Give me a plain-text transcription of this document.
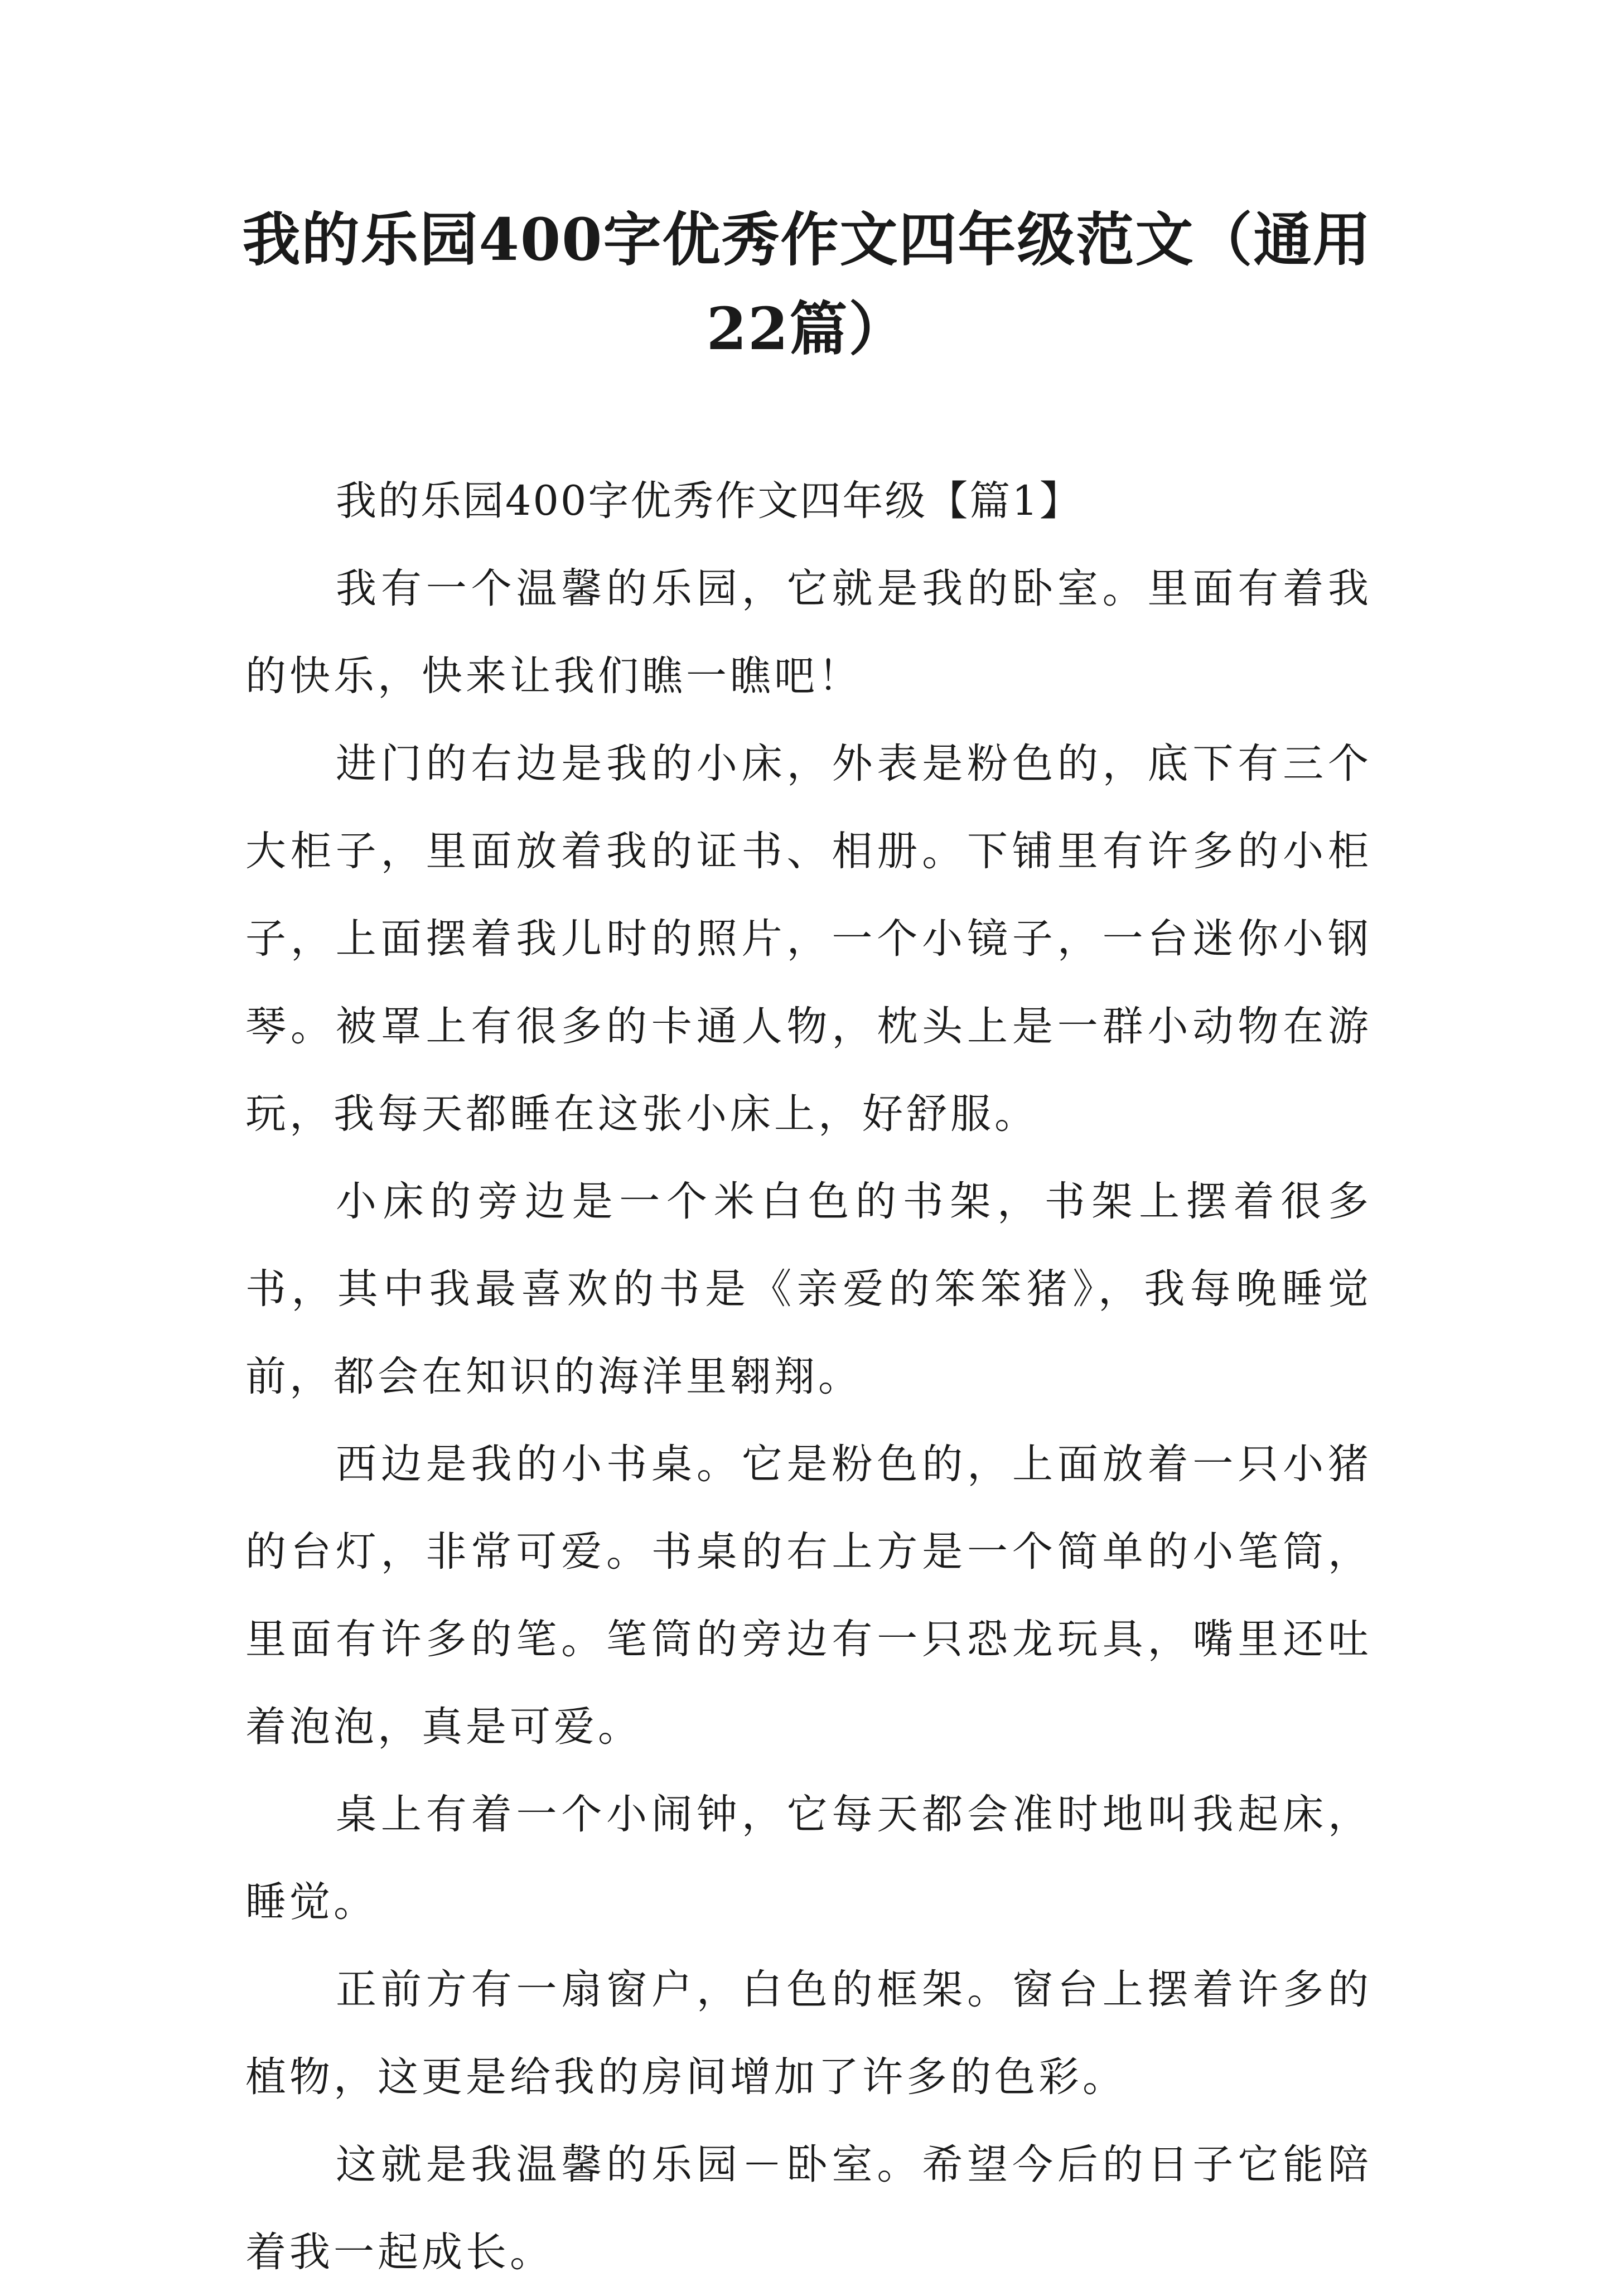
我的乐园400字优秀作文四年级范文（通用
22篇）

我的乐园400字优秀作文四年级【篇1】

我有一个温馨的乐园，它就是我的卧室。里面有着我的快乐，快来让我们瞧一瞧吧！

进门的右边是我的小床，外表是粉色的，底下有三个大柜子，里面放着我的证书、相册。下铺里有许多的小柜子，上面摆着我儿时的照片，一个小镜子，一台迷你小钢琴。被罩上有很多的卡通人物，枕头上是一群小动物在游玩，我每天都睡在这张小床上，好舒服。

小床的旁边是一个米白色的书架，书架上摆着很多书，其中我最喜欢的书是《亲爱的笨笨猪》，我每晚睡觉前，都会在知识的海洋里翱翔。

西边是我的小书桌。它是粉色的，上面放着一只小猪的台灯，非常可爱。书桌的右上方是一个简单的小笔筒，里面有许多的笔。笔筒的旁边有一只恐龙玩具，嘴里还吐着泡泡，真是可爱。

桌上有着一个小闹钟，它每天都会准时地叫我起床，睡觉。

正前方有一扇窗户，白色的框架。窗台上摆着许多的植物，这更是给我的房间增加了许多的色彩。

这就是我温馨的乐园－卧室。希望今后的日子它能陪着我一起成长。
